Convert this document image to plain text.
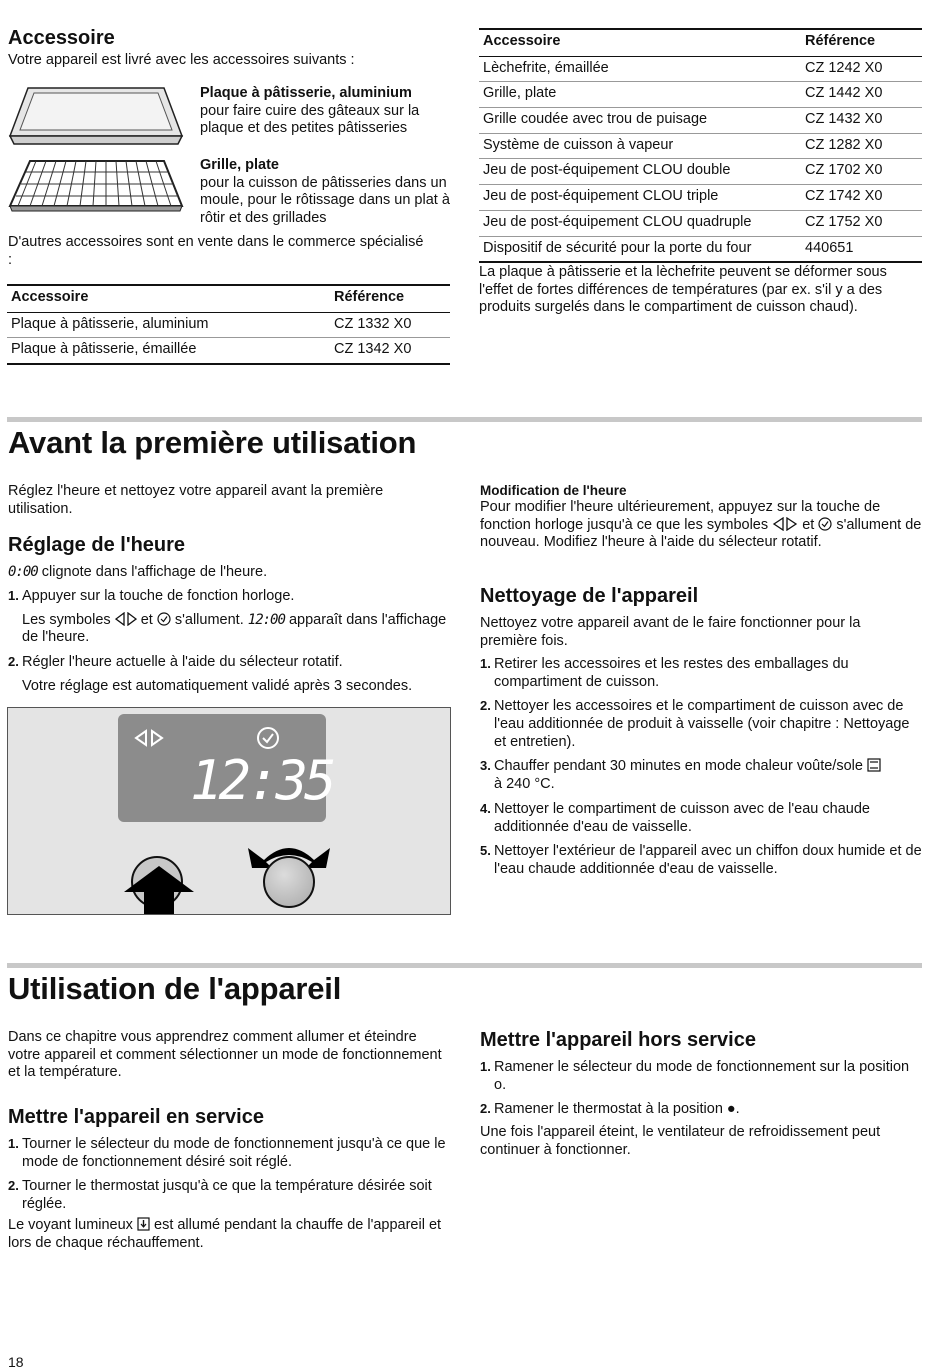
Accessoire

Votre appareil est livré avec les accessoires suivants :

Plaque à pâtisserie, aluminium
pour faire cuire des gâteaux sur la plaque et des petites pâtisseries
Grille, plate
pour la cuisson de pâtisseries dans un moule, pour le rôtissage dans un plat à rôtir et des grillades

D'autres accessoires sont en vente dans le commerce spécialisé :

Accessoire	Référence
Plaque à pâtisserie, aluminium	CZ 1332 X0
Plaque à pâtisserie, émaillée	CZ 1342 X0
Accessoire	Référence
Lèchefrite, émaillée	CZ 1242 X0
Grille, plate	CZ 1442 X0
Grille coudée avec trou de puisage	CZ 1432 X0
Système de cuisson à vapeur	CZ 1282 X0
Jeu de post-équipement CLOU double	CZ 1702 X0
Jeu de post-équipement CLOU triple	CZ 1742 X0
Jeu de post-équipement CLOU quadruple	CZ 1752 X0
Dispositif de sécurité pour la porte du four	440651

La plaque à pâtisserie et la lèchefrite peuvent se déformer sous l'effet de fortes différences de températures (par ex. s'il y a des produits surgelés dans le compartiment de cuisson chaud).

Avant la première utilisation

Réglez l'heure et nettoyez votre appareil avant la première utilisation.

Réglage de l'heure

0:00 clignote dans l'affichage de l'heure.

1. Appuyer sur la touche de fonction horloge.
Les symboles et s'allument. 12:00 apparaît dans l'affichage de l'heure.
2. Régler l'heure actuelle à l'aide du sélecteur rotatif.
Votre réglage est automatiquement validé après 3 secondes.
12:35
Modification de l'heure

Pour modifier l'heure ultérieurement, appuyez sur la touche de fonction horloge jusqu'à ce que les symboles et s'allument de nouveau. Modifiez l'heure à l'aide du sélecteur rotatif.

Nettoyage de l'appareil

Nettoyez votre appareil avant de le faire fonctionner pour la première fois.

1. Retirer les accessoires et les restes des emballages du compartiment de cuisson.
2. Nettoyer les accessoires et le compartiment de cuisson avec de l'eau additionnée de produit à vaisselle (voir chapitre : Nettoyage et entretien).
3. Chauffer pendant 30 minutes en mode chaleur voûte/sole
à 240 °C.
4. Nettoyer le compartiment de cuisson avec de l'eau chaude additionnée d'eau de vaisselle.
5. Nettoyer l'extérieur de l'appareil avec un chiffon doux humide et de l'eau chaude additionnée d'eau de vaisselle.
Utilisation de l'appareil

Dans ce chapitre vous apprendrez comment allumer et éteindre votre appareil et comment sélectionner un mode de fonctionnement et la température.

Mettre l'appareil en service
1. Tourner le sélecteur du mode de fonctionnement jusqu'à ce que le mode de fonctionnement désiré soit réglé.
2. Tourner le thermostat jusqu'à ce que la température désirée soit réglée.

Le voyant lumineux est allumé pendant la chauffe de l'appareil et lors de chaque réchauffement.

Mettre l'appareil hors service
1. Ramener le sélecteur du mode de fonctionnement sur la position o.
2. Ramener le thermostat à la position ●.

Une fois l'appareil éteint, le ventilateur de refroidissement peut continuer à fonctionner.

18
